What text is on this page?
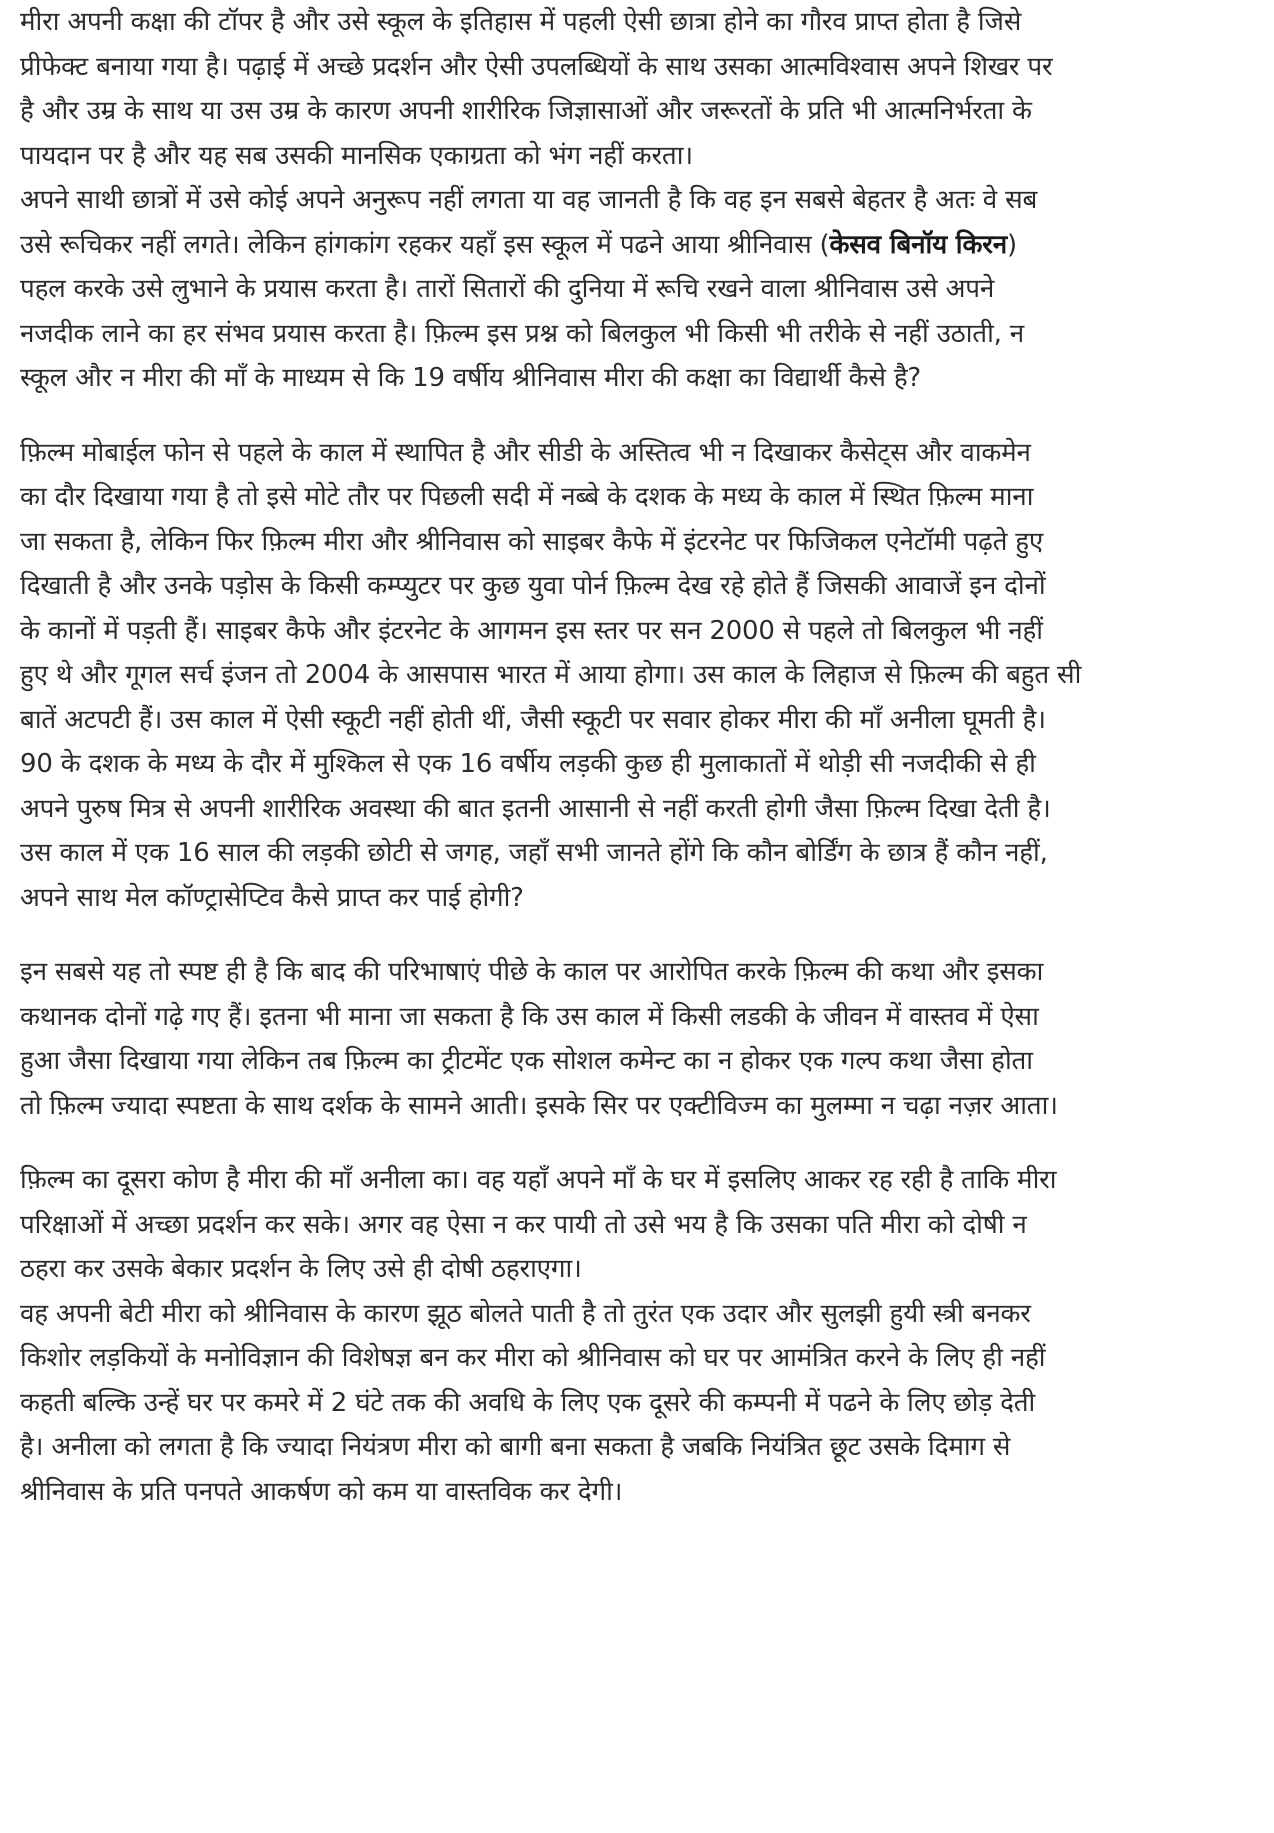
मीरा अपनी कक्षा की टॉपर है और उसे स्कूल के इतिहास में पहली ऐसी छात्रा होने का गौरव प्राप्त होता है जिसे
प्रीफेक्ट बनाया गया है। पढ़ाई में अच्छे प्रदर्शन और ऐसी उपलब्धियों के साथ उसका आत्मविश्वास अपने शिखर पर
है और उम्र के साथ या उस उम्र के कारण अपनी शारीरिक जिज्ञासाओं और जरूरतों के प्रति भी आत्मनिर्भरता के
पायदान पर है और यह सब उसकी मानसिक एकाग्रता को भंग नहीं करता।

अपने साथी छात्रों में उसे कोई अपने अनुरूप नहीं लगता या वह जानती है कि वह इन सबसे बेहतर है अतः वे सब
उसे रूचिकर नहीं लगते। लेकिन हांगकांग रहकर यहाँ इस स्कूल में पढने आया श्रीनिवास (केसव बिनॉय किरन)
पहल करके उसे लुभाने के प्रयास करता है। तारों सितारों की दुनिया में रूचि रखने वाला श्रीनिवास उसे अपने
नजदीक लाने का हर संभव प्रयास करता है। फ़िल्म इस प्रश्न को बिलकुल भी किसी भी तरीके से नहीं उठाती, न
स्कूल और न मीरा की माँ के माध्यम से कि 19 वर्षीय श्रीनिवास मीरा की कक्षा का विद्यार्थी कैसे है?

फ़िल्म मोबाईल फोन से पहले के काल में स्थापित है और सीडी के अस्तित्व भी न दिखाकर कैसेट्स और वाकमेन
का दौर दिखाया गया है तो इसे मोटे तौर पर पिछली सदी में नब्बे के दशक के मध्य के काल में स्थित फ़िल्म माना
जा सकता है, लेकिन फिर फ़िल्म मीरा और श्रीनिवास को साइबर कैफे में इंटरनेट पर फिजिकल एनेटॉमी पढ़ते हुए
दिखाती है और उनके पड़ोस के किसी कम्प्युटर पर कुछ युवा पोर्न फ़िल्म देख रहे होते हैं जिसकी आवाजें इन दोनों
के कानों में पड़ती हैं। साइबर कैफे और इंटरनेट के आगमन इस स्तर पर सन 2000 से पहले तो बिलकुल भी नहीं
हुए थे और गूगल सर्च इंजन तो 2004 के आसपास भारत में आया होगा। उस काल के लिहाज से फ़िल्म की बहुत सी
बातें अटपटी हैं। उस काल में ऐसी स्कूटी नहीं होती थीं, जैसी स्कूटी पर सवार होकर मीरा की माँ अनीला घूमती है।
90 के दशक के मध्य के दौर में मुश्किल से एक 16 वर्षीय लड़की कुछ ही मुलाकातों में थोड़ी सी नजदीकी से ही
अपने पुरुष मित्र से अपनी शारीरिक अवस्था की बात इतनी आसानी से नहीं करती होगी जैसा फ़िल्म दिखा देती है।
उस काल में एक 16 साल की लड़की छोटी से जगह, जहाँ सभी जानते होंगे कि कौन बोर्डिंग के छात्र हैं कौन नहीं,
अपने साथ मेल कॉण्ट्रासेप्टिव कैसे प्राप्त कर पाई होगी?

इन सबसे यह तो स्पष्ट ही है कि बाद की परिभाषाएं पीछे के काल पर आरोपित करके फ़िल्म की कथा और इसका
कथानक दोनों गढ़े गए हैं। इतना भी माना जा सकता है कि उस काल में किसी लडकी के जीवन में वास्तव में ऐसा
हुआ जैसा दिखाया गया लेकिन तब फ़िल्म का ट्रीटमेंट एक सोशल कमेन्ट का न होकर एक गल्प कथा जैसा होता
तो फ़िल्म ज्यादा स्पष्टता के साथ दर्शक के सामने आती। इसके सिर पर एक्टीविज्म का मुलम्मा न चढ़ा नज़र आता।

फ़िल्म का दूसरा कोण है मीरा की माँ अनीला का। वह यहाँ अपने माँ के घर में इसलिए आकर रह रही है ताकि मीरा
परिक्षाओं में अच्छा प्रदर्शन कर सके। अगर वह ऐसा न कर पायी तो उसे भय है कि उसका पति मीरा को दोषी न
ठहरा कर उसके बेकार प्रदर्शन के लिए उसे ही दोषी ठहराएगा।

वह अपनी बेटी मीरा को श्रीनिवास के कारण झूठ बोलते पाती है तो तुरंत एक उदार और सुलझी हुयी स्त्री बनकर
किशोर लड़कियों के मनोविज्ञान की विशेषज्ञ बन कर मीरा को श्रीनिवास को घर पर आमंत्रित करने के लिए ही नहीं
कहती बल्कि उन्हें घर पर कमरे में 2 घंटे तक की अवधि के लिए एक दूसरे की कम्पनी में पढने के लिए छोड़ देती
है। अनीला को लगता है कि ज्यादा नियंत्रण मीरा को बागी बना सकता है जबकि नियंत्रित छूट उसके दिमाग से
श्रीनिवास के प्रति पनपते आकर्षण को कम या वास्तविक कर देगी।
